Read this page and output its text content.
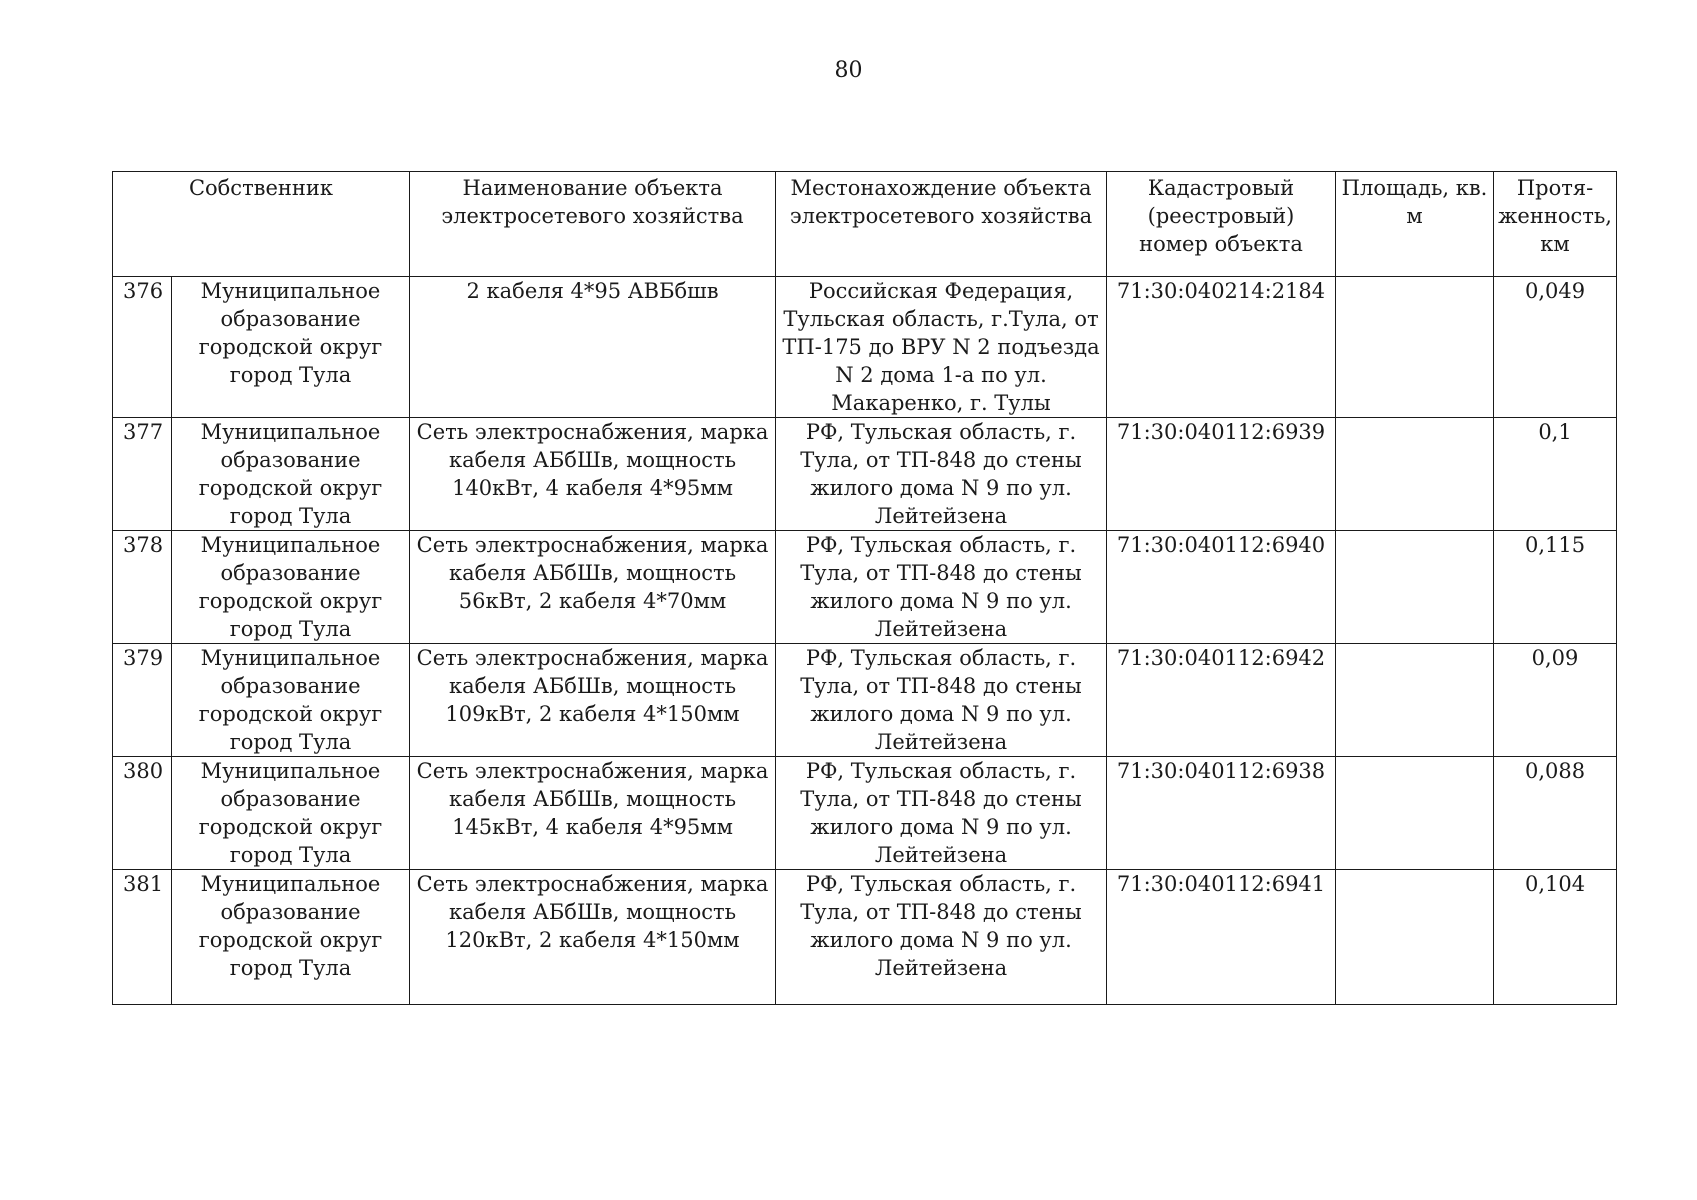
80
Собственник		Наименование объекта электросетевого хозяйства	Местонахождение объекта электросетевого хозяйства	Кадастровый (реестровый) номер объекта	Площадь, кв. м	Протя-женность, км
376	Муниципальное образование городской округ город Тула	2 кабеля 4*95 АВБбшв	Российская Федерация, Тульская область, г.Тула, от ТП-175 до ВРУ N 2 подъезда N 2 дома 1-а по ул. Макаренко, г. Тулы	71:30:040214:2184		0,049
377	Муниципальное образование городской округ город Тула	Сеть электроснабжения, марка кабеля АБбШв, мощность 140кВт, 4 кабеля 4*95мм	РФ, Тульская область, г. Тула, от ТП-848 до стены жилого дома N 9 по ул. Лейтейзена	71:30:040112:6939		0,1
378	Муниципальное образование городской округ город Тула	Сеть электроснабжения, марка кабеля АБбШв, мощность 56кВт, 2 кабеля 4*70мм	РФ, Тульская область, г. Тула, от ТП-848 до стены жилого дома N 9 по ул. Лейтейзена	71:30:040112:6940		0,115
379	Муниципальное образование городской округ город Тула	Сеть электроснабжения, марка кабеля АБбШв, мощность 109кВт, 2 кабеля 4*150мм	РФ, Тульская область, г. Тула, от ТП-848 до стены жилого дома N 9 по ул. Лейтейзена	71:30:040112:6942		0,09
380	Муниципальное образование городской округ город Тула	Сеть электроснабжения, марка кабеля АБбШв, мощность 145кВт, 4 кабеля 4*95мм	РФ, Тульская область, г. Тула, от ТП-848 до стены жилого дома N 9 по ул. Лейтейзена	71:30:040112:6938		0,088
381	Муниципальное образование городской округ город Тула	Сеть электроснабжения, марка кабеля АБбШв, мощность 120кВт, 2 кабеля 4*150мм	РФ, Тульская область, г. Тула, от ТП-848 до стены жилого дома N 9 по ул. Лейтейзена	71:30:040112:6941		0,104
